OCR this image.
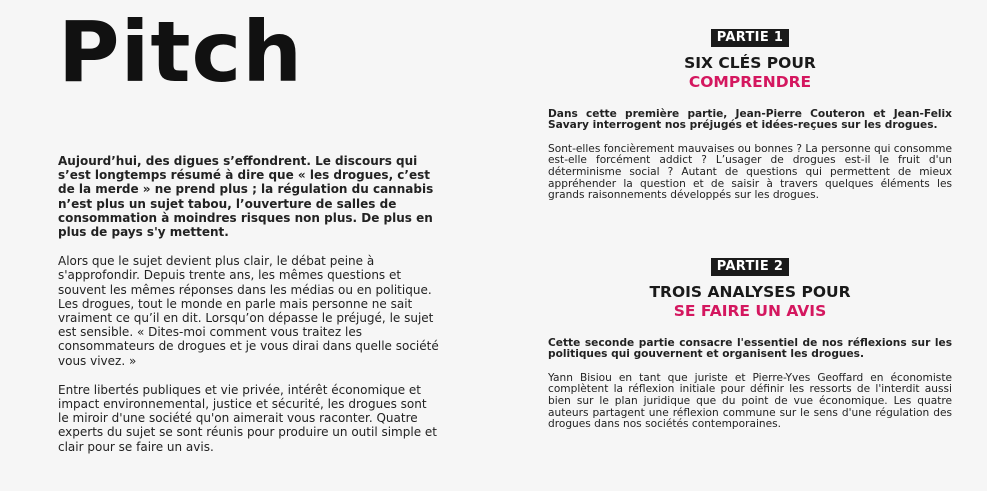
Pitch

Aujourd’hui, des digues s’effondrent. Le discours qui s’est longtemps résumé à dire que « les drogues, c’est de la merde » ne prend plus ; la régulation du cannabis n’est plus un sujet tabou, l’ouverture de salles de consommation à moindres risques non plus. De plus en plus de pays s'y mettent.

Alors que le sujet devient plus clair, le débat peine à s'approfondir. Depuis trente ans, les mêmes questions et souvent les mêmes réponses dans les médias ou en politique. Les drogues, tout le monde en parle mais personne ne sait vraiment ce qu’il en dit. Lorsqu’on dépasse le préjugé, le sujet est sensible. « Dites-moi comment vous traitez les consommateurs de drogues et je vous dirai dans quelle société vous vivez. »

Entre libertés publiques et vie privée, intérêt économique et impact environnemental, justice et sécurité, les drogues sont le miroir d'une société qu'on aimerait vous raconter. Quatre experts du sujet se sont réunis pour produire un outil simple et clair pour se faire un avis.

PARTIE 1
SIX CLÉS POUR
COMPRENDRE

Dans cette première partie, Jean-Pierre Couteron et Jean-Felix Savary interrogent nos préjugés et idées-reçues sur les drogues.

Sont-elles foncièrement mauvaises ou bonnes ? La personne qui consomme est-elle forcément addict ? L’usager de drogues est-il le fruit d'un déterminisme social ? Autant de questions qui permettent de mieux appréhender la question et de saisir à travers quelques éléments les grands raisonnements développés sur les drogues.

PARTIE 2
TROIS ANALYSES POUR
SE FAIRE UN AVIS

Cette seconde partie consacre l'essentiel de nos réflexions sur les politiques qui gouvernent et organisent les drogues.

Yann Bisiou en tant que juriste et Pierre-Yves Geoffard en économiste complètent la réflexion initiale pour définir les ressorts de l'interdit aussi bien sur le plan juridique que du point de vue économique. Les quatre auteurs partagent une réflexion commune sur le sens d'une régulation des drogues dans nos sociétés contemporaines.
